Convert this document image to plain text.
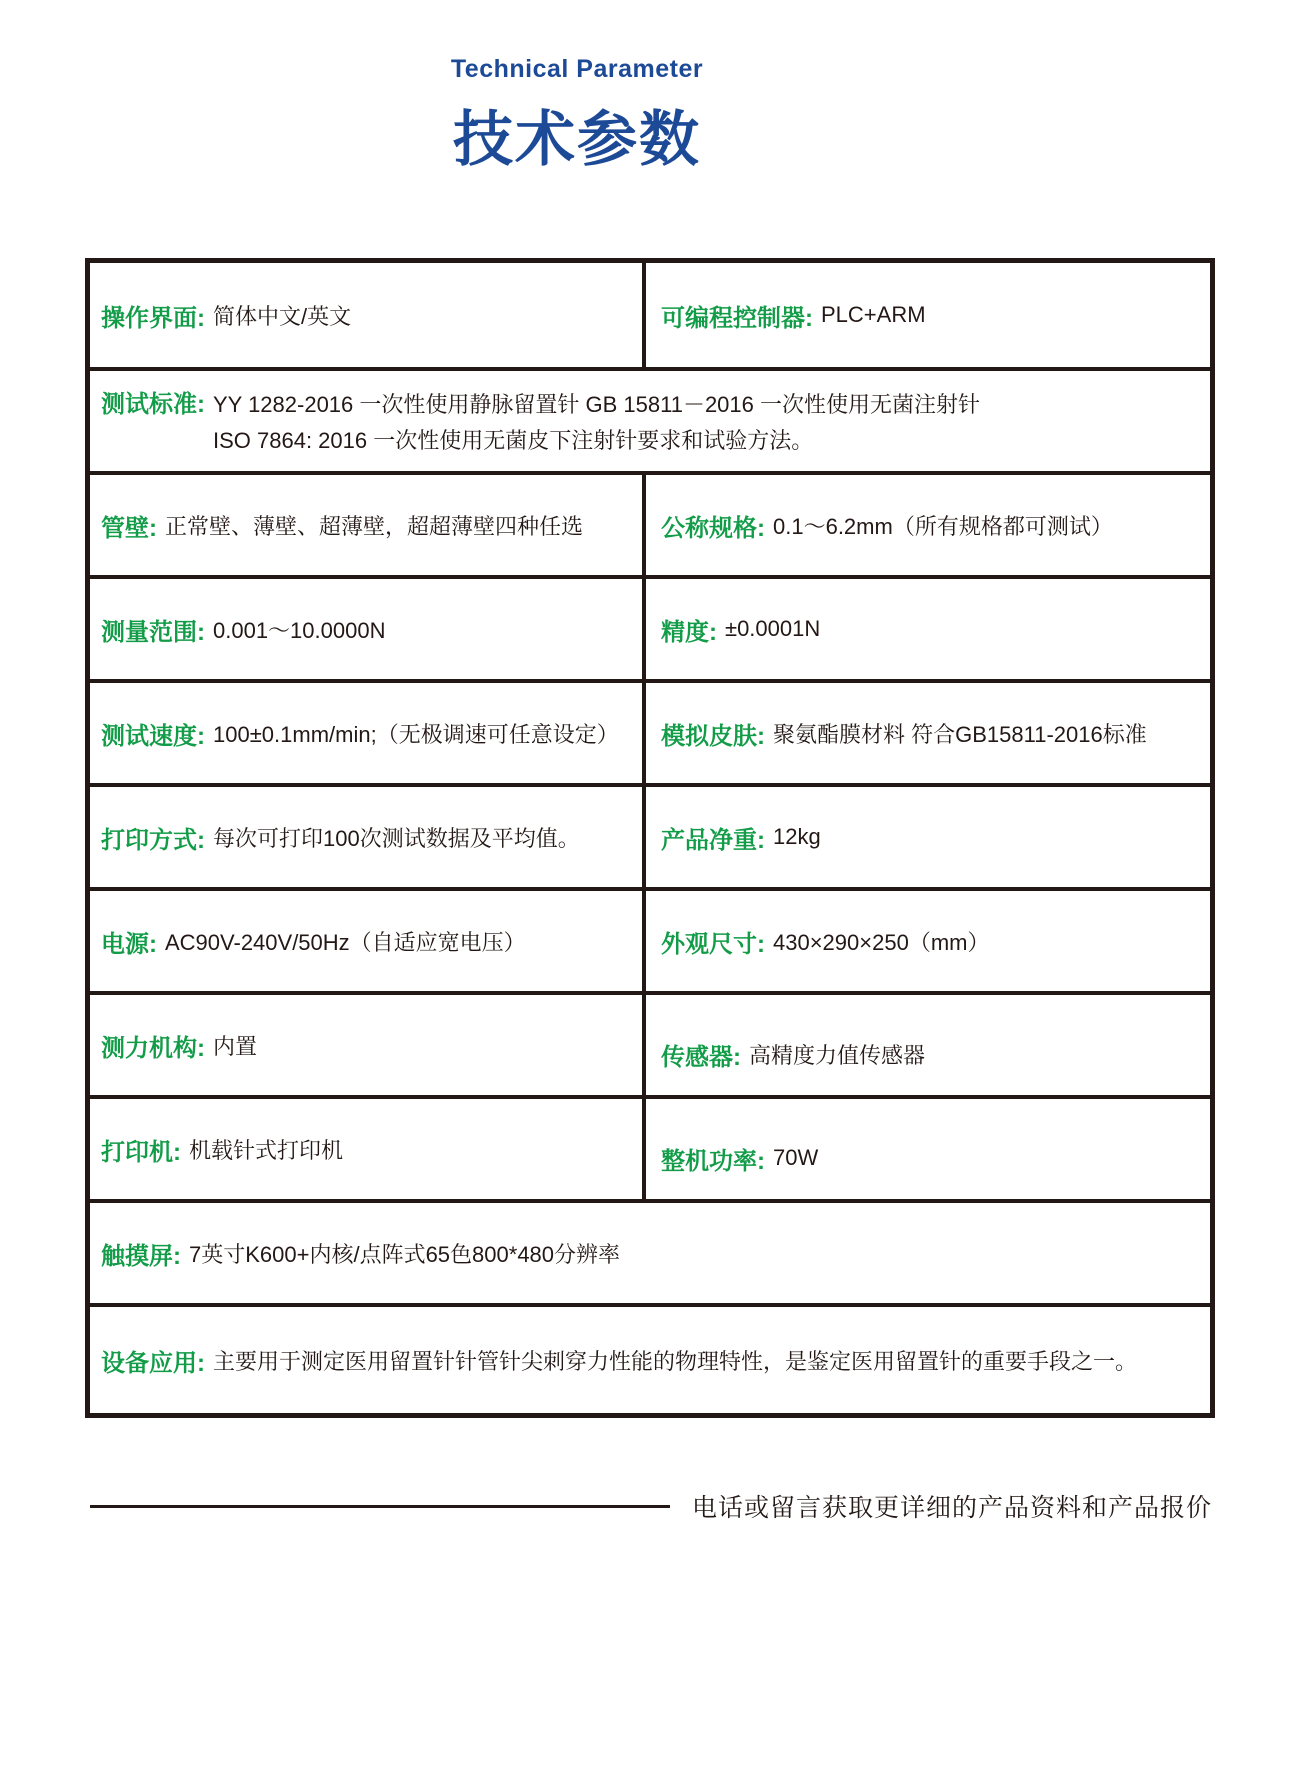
Technical Parameter
技术参数
操作界面: 简体中文/英文	可编程控制器: PLC+ARM
测试标准: YY 1282-2016 一次性使用静脉留置针 GB 15811－2016 一次性使用无菌注射针
ISO 7864: 2016 一次性使用无菌皮下注射针要求和试验方法。
管壁: 正常壁、薄壁、超薄壁，超超薄壁四种任选	公称规格: 0.1～6.2mm（所有规格都可测试）
测量范围: 0.001～10.0000N	精度: ±0.0001N
测试速度: 100±0.1mm/min;（无极调速可任意设定） 模拟皮肤: 聚氨酯膜材料 符合GB15811-2016标准
打印方式: 每次可打印100次测试数据及平均值。	产品净重: 12kg
电源: AC90V-240V/50Hz（自适应宽电压）	外观尺寸: 430×290×250（mm）
测力机构: 内置	传感器: 高精度力值传感器
打印机: 机载针式打印机	整机功率: 70W
触摸屏: 7英寸K600+内核/点阵式65色800*480分辨率
设备应用: 主要用于测定医用留置针针管针尖刺穿力性能的物理特性，是鉴定医用留置针的重要手段之一。
电话或留言获取更详细的产品资料和产品报价
